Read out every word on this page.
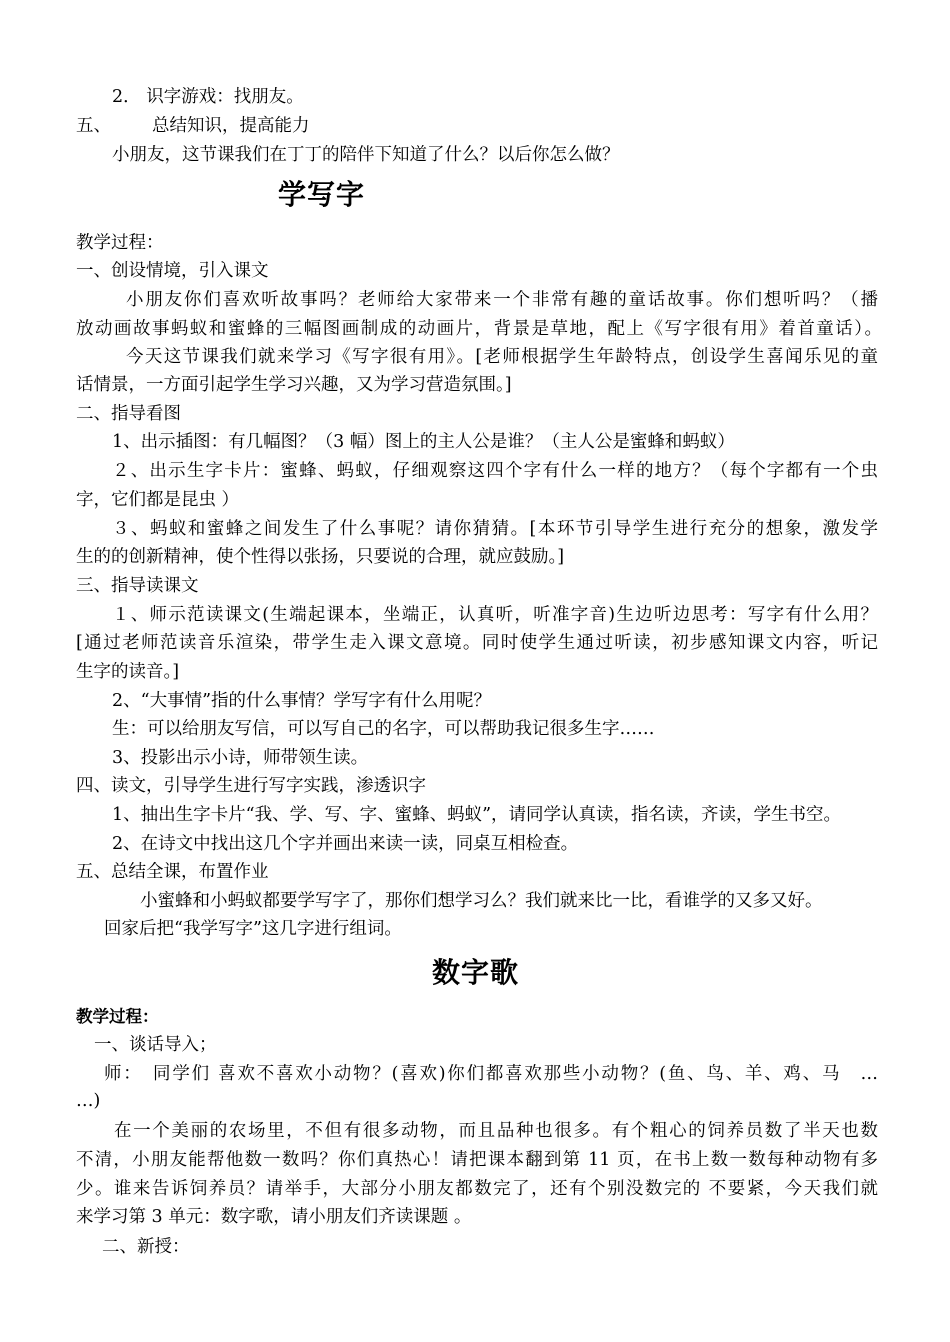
2． 识字游戏：找朋友。
五、 总结知识，提高能力
小朋友，这节课我们在丁丁的陪伴下知道了什么？以后你怎么做？
学写字
教学过程：
一、创设情境，引入课文
小朋友你们喜欢听故事吗？老师给大家带来一个非常有趣的童话故事。你们想听吗？（播
放动画故事蚂蚁和蜜蜂的三幅图画制成的动画片，背景是草地，配上《写字很有用》着首童话）。
今天这节课我们就来学习《写字很有用》。[老师根据学生年龄特点，创设学生喜闻乐见的童
话情景，一方面引起学生学习兴趣，又为学习营造氛围。]
二、指导看图
1、出示插图：有几幅图？（3 幅）图上的主人公是谁？（主人公是蜜蜂和蚂蚁）
２、出示生字卡片：蜜蜂、蚂蚁，仔细观察这四个字有什么一样的地方？（每个字都有一个虫
字，它们都是昆虫 ）
３、蚂蚁和蜜蜂之间发生了什么事呢？请你猜猜。[本环节引导学生进行充分的想象，激发学
生的的创新精神，使个性得以张扬，只要说的合理，就应鼓励。]
三、指导读课文
１、师示范读课文(生端起课本，坐端正，认真听，听准字音)生边听边思考：写字有什么用？
[通过老师范读音乐渲染，带学生走入课文意境。同时使学生通过听读，初步感知课文内容，听记
生字的读音。]
2、“大事情”指的什么事情？学写字有什么用呢？
生：可以给朋友写信，可以写自己的名字，可以帮助我记很多生字……
3、投影出示小诗，师带领生读。
四、读文，引导学生进行写字实践，渗透识字
1、抽出生字卡片“我、学、写、字、蜜蜂、蚂蚁”，请同学认真读，指名读，齐读，学生书空。
2、在诗文中找出这几个字并画出来读一读，同桌互相检查。
五、总结全课，布置作业
小蜜蜂和小蚂蚁都要学写字了，那你们想学习么？我们就来比一比，看谁学的又多又好。
回家后把“我学写字”这几字进行组词。
数字歌
教学过程：
一、谈话导入；
师：　同学们 喜欢不喜欢小动物？(喜欢)你们都喜欢那些小动物？(鱼、鸟、羊、鸡、马　…
…)
在一个美丽的农场里，不但有很多动物，而且品种也很多。有个粗心的饲养员数了半天也数
不清，小朋友能帮他数一数吗？你们真热心！请把课本翻到第 11 页，在书上数一数每种动物有多
少。谁来告诉饲养员？请举手，大部分小朋友都数完了，还有个别没数完的 不要紧，今天我们就
来学习第 3 单元：数字歌，请小朋友们齐读课题 。
二、新授：
